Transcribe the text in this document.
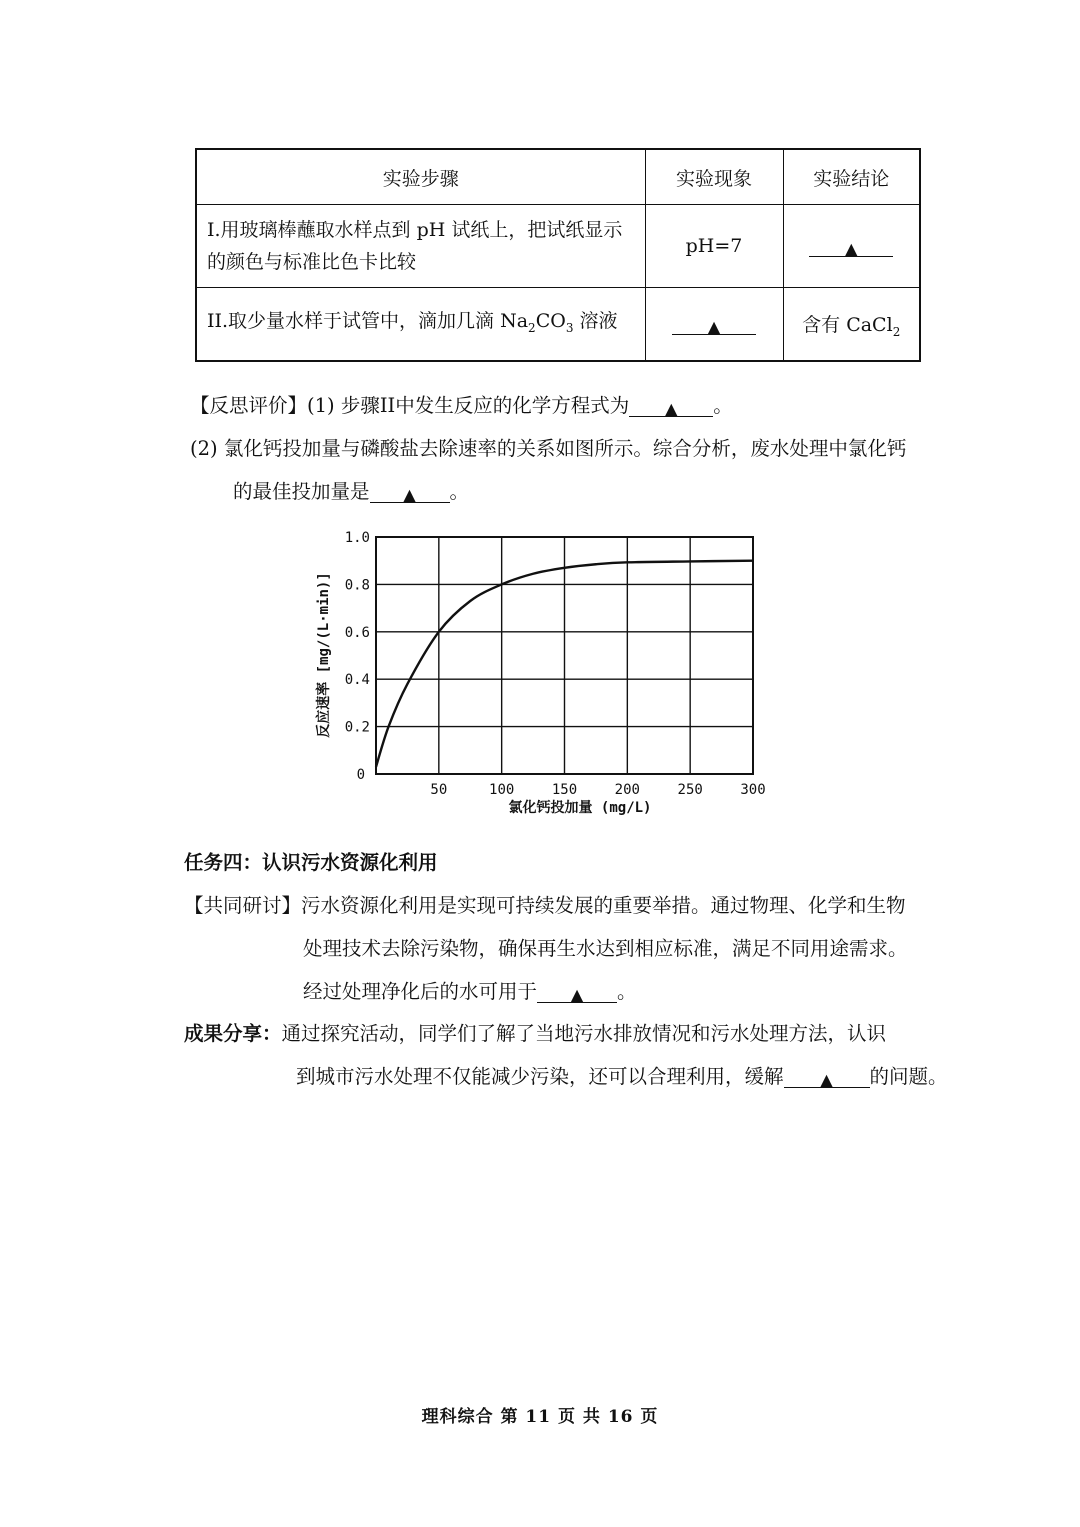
实验步骤	实验现象	实验结论
I.用玻璃棒蘸取水样点到 pH 试纸上，把试纸显示的颜色与标准比色卡比较	pH=7	▲
II.取少量水样于试管中，滴加几滴 $Na_2CO_3$ 溶液	▲	含有 CaCl$_2$
【反思评价】(1) 步骤II中发生反应的化学方程式为 ▲ 。
(2) 氯化钙投加量与磷酸盐去除速率的关系如图所示。综合分析，废水处理中氯化钙
的最佳投加量是 ▲ 。
0
0.2
0.4
0.6
0.8
1.0
50	100	150	200	250	300
反应速率 [mg/(L·min)]
氯化钙投加量 (mg/L)
任务四：认识污水资源化利用
【共同研讨】污水资源化利用是实现可持续发展的重要举措。通过物理、化学和生物
处理技术去除污染物，确保再生水达到相应标准，满足不同用途需求。
经过处理净化后的水可用于 ▲ 。
成果分享：通过探究活动，同学们了解了当地污水排放情况和污水处理方法，认识
到城市污水处理不仅能减少污染，还可以合理利用，缓解 ▲ 的问题。
理科综合 第 11 页 共 16 页
